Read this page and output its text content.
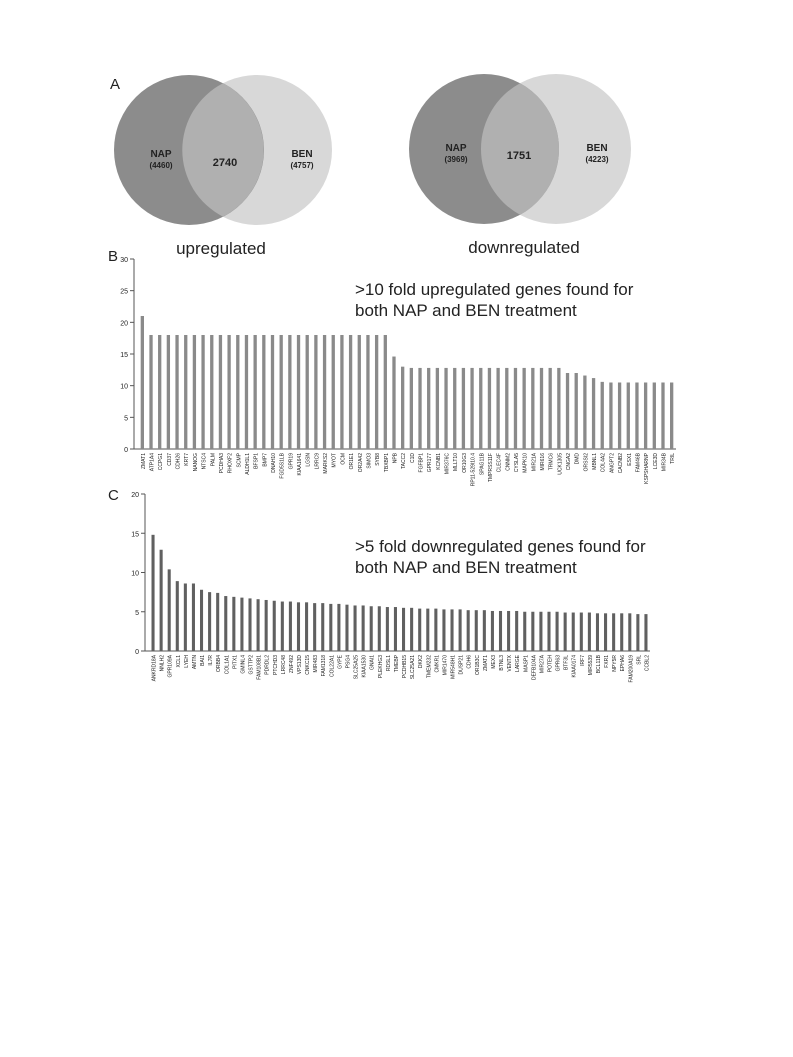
A
NAP
(4460)	2740
BEN
(4757)
upregulated
NAP
(3969)	1751
BEN
(4223)
downregulated
B
>10 fold upregulated genes found for
both NAP and BEN treatment
0
5
10
15
20
25
30
ZMAT1 ATP1A4 CCPG1 CD37 CDH26 KRT7 NANOG NTSC4 PALM PCDHA3 RHOXF2 SCMP ALDH1L1 BFSP1 BMP7 DNAH10 FGD5S1LB GPR19 KIAA1641 LGSN LRRC9 MARKS2 MYOT OCM OR1E1 OR2A42 SIMO3 SYB8 TBXBP1 NPB TACC2 C1D FGFBP1 GPR177 KCNB1 MIR376C MLLT10 OR10G3 RP11-529I10.4 SPAG11B TMPRSS11F CLEC4F CNNM2 CYSLA5 MAPK10 MIR21A MIR616 TRMC6 UCK1305 CNGA2 DMD ORSSI2 MBNL1 COL4A2 ANGPT2 CACNB2 ESX1 FAM46B KSPSHARNP LCE3D MIR34B TRIL
C
>5 fold downregulated genes found for
both NAP and BEN treatment
0
5
10
15
20
ANKRD18A NNLH2 GPR109A XCL1 LYEH AMTN BAI1 IL7R ORBB4 COL1A1 PITX1 GMINL4 GSTTP2 FAM108B1 PDRDL2 PTCHD3 LRRC48 ZNF492 VPS13D CNKC15 MIR483 FAM1318 COL22A1 GYPE PSG4 SLC25A25 KIAA1530 GNAI1 PLEKHG3 RDSL1 TMEBP PCDHB15 SLC25A21 DKK2 TMEM232 CMKR1 MIR1470 MIR548H1 DUSP21 CDH6 OR1B3C ZMAT1 MEX3 BTNL3 VENTX LARGE MASP1 DEFB104A MIR27A POTEH GPR63 BTF3L KIAA0174 IRF7 MIR5539 BCL11B FXR1 NPY5R EPHA6 FAM200A19 SRL CCBL2
